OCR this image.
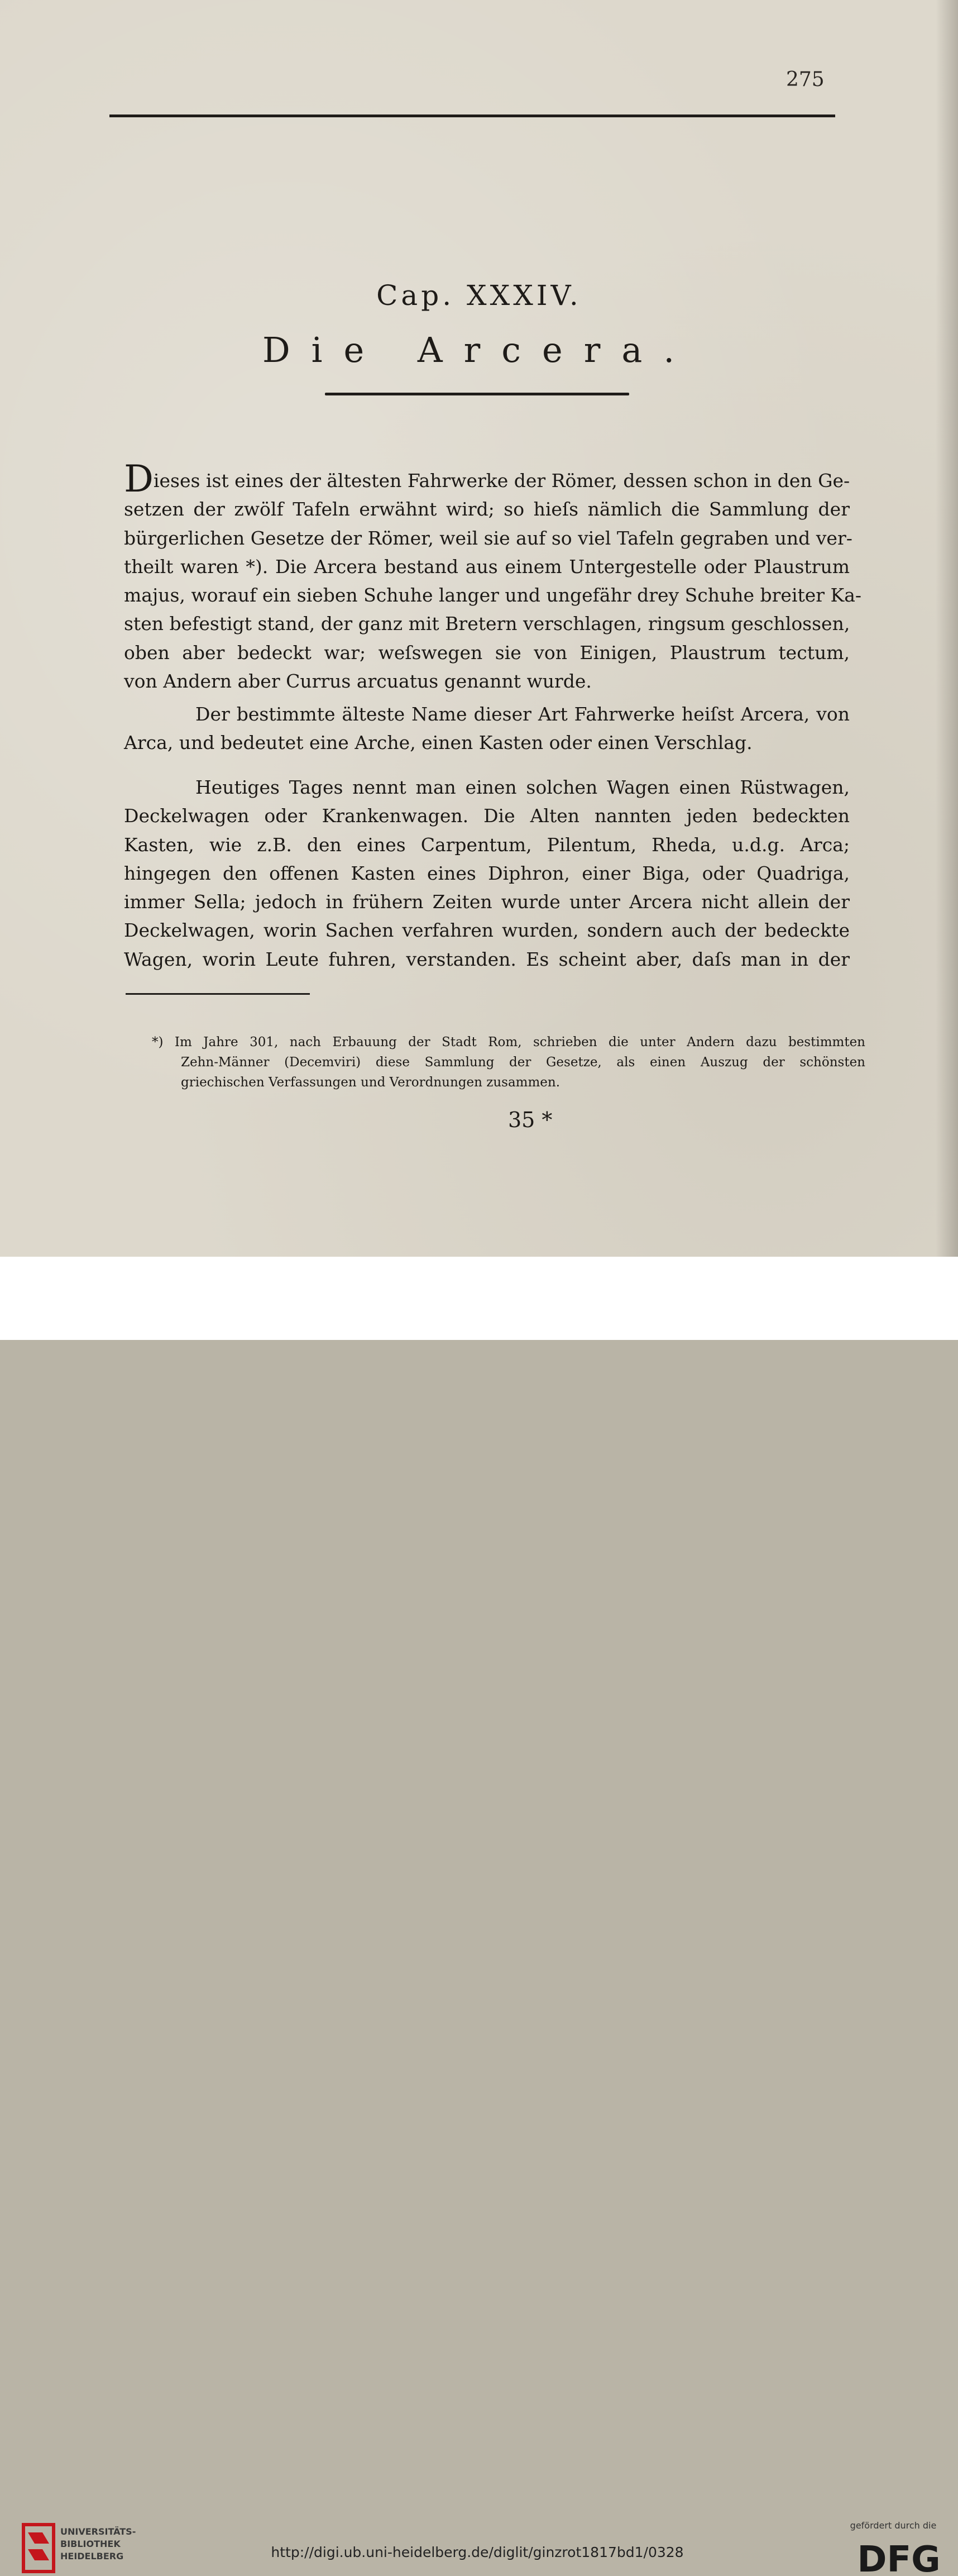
275
Cap. XXXIV.
Die Arcera.
Dieses ist eines der ältesten Fahrwerke der Römer, dessen schon in den Ge-
setzen der zwölf Tafeln erwähnt wird; so hieſs nämlich die Sammlung der
bürgerlichen Gesetze der Römer, weil sie auf so viel Tafeln gegraben und ver-
theilt waren *). Die Arcera bestand aus einem Untergestelle oder Plaustrum
majus, worauf ein sieben Schuhe langer und ungefähr drey Schuhe breiter Ka-
sten befestigt stand, der ganz mit Bretern verschlagen, ringsum geschlossen,
oben aber bedeckt war; weſswegen sie von Einigen, Plaustrum tectum,
von Andern aber Currus arcuatus genannt wurde.
Der bestimmte älteste Name dieser Art Fahrwerke heiſst Arcera, von
Arca, und bedeutet eine Arche, einen Kasten oder einen Verschlag.
Heutiges Tages nennt man einen solchen Wagen einen Rüstwagen,
Deckelwagen oder Krankenwagen. Die Alten nannten jeden bedeckten
Kasten, wie z.B. den eines Carpentum, Pilentum, Rheda, u.d.g. Arca;
hingegen den offenen Kasten eines Diphron, einer Biga, oder Quadriga,
immer Sella; jedoch in frühern Zeiten wurde unter Arcera nicht allein der
Deckelwagen, worin Sachen verfahren wurden, sondern auch der bedeckte
Wagen, worin Leute fuhren, verstanden. Es scheint aber, daſs man in der
*) Im Jahre 301, nach Erbauung der Stadt Rom, schrieben die unter Andern dazu bestimmten
Zehn-Männer (Decemviri) diese Sammlung der Gesetze, als einen Auszug der schönsten
griechischen Verfassungen und Verordnungen zusammen.
35 *
UNIVERSITÄTS-
BIBLIOTHEK
HEIDELBERG	http://digi.ub.uni-heidelberg.de/diglit/ginzrot1817bd1/0328
gefördert durch die
DFG
